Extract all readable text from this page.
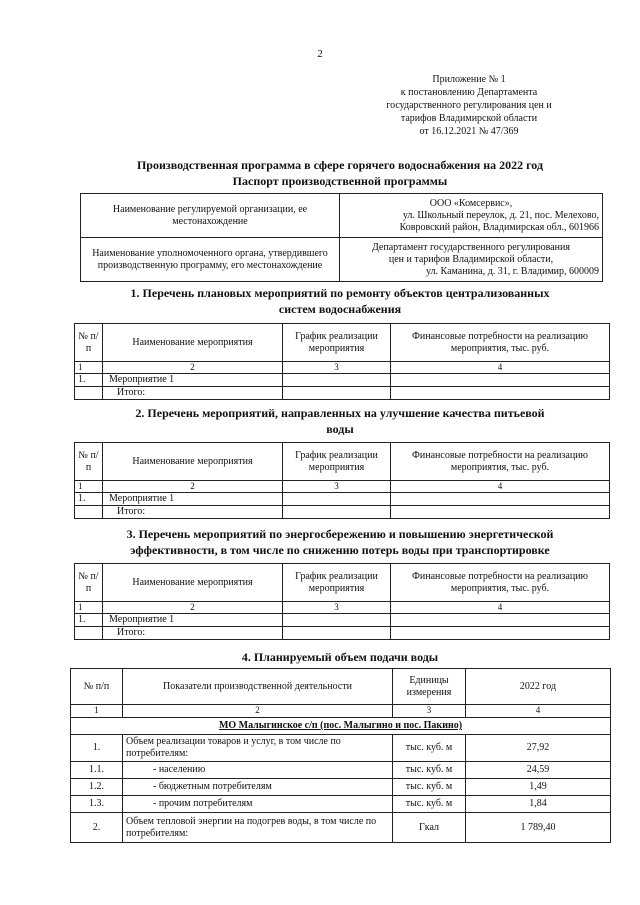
2
Приложение № 1
к постановлению Департамента
государственного регулирования цен и
тарифов Владимирской области
от 16.12.2021 № 47/369
Производственная программа в сфере горячего водоснабжения на 2022 год
Паспорт производственной программы
Наименование регулируемой организации, ее местонахождение	ООО «Комсервис»,
ул. Школьный переулок, д. 21, пос. Мелехово,
Ковровский район, Владимирская обл., 601966

Наименование уполномоченного органа, утвердившего производственную программу, его местонахождение	Департамент государственного регулирования
цен и тарифов Владимирской области,
ул. Каманина, д. 31, г. Владимир, 600009
1. Перечень плановых мероприятий по ремонту объектов централизованных
систем водоснабжения
№ п/п	Наименование мероприятия	График реализации мероприятия	Финансовые потребности на реализацию мероприятия, тыс. руб.
1	2	3	4
1.	Мероприятие 1		
	Итого:		
2. Перечень мероприятий, направленных на улучшение качества питьевой
воды
№ п/п	Наименование мероприятия	График реализации мероприятия	Финансовые потребности на реализацию мероприятия, тыс. руб.
1	2	3	4
1.	Мероприятие 1		
	Итого:		
3. Перечень мероприятий по энергосбережению и повышению энергетической
эффективности, в том числе по снижению потерь воды при транспортировке
№ п/п	Наименование мероприятия	График реализации мероприятия	Финансовые потребности на реализацию мероприятия, тыс. руб.
1	2	3	4
1.	Мероприятие 1		
	Итого:		
4. Планируемый объем подачи воды
№ п/п	Показатели производственной деятельности	Единицы измерения	2022 год
1	2	3	4
МО Малыгинское с/п (пос. Малыгино и пос. Пакино)			
1.	Объем реализации товаров и услуг, в том числе по потребителям:	тыс. куб. м	27,92
1.1.	- населению	тыс. куб. м	24,59
1.2.	- бюджетным потребителям	тыс. куб. м	1,49
1.3.	- прочим потребителям	тыс. куб. м	1,84
2.	Объем тепловой энергии на подогрев воды, в том числе по потребителям:	Гкал	1 789,40
